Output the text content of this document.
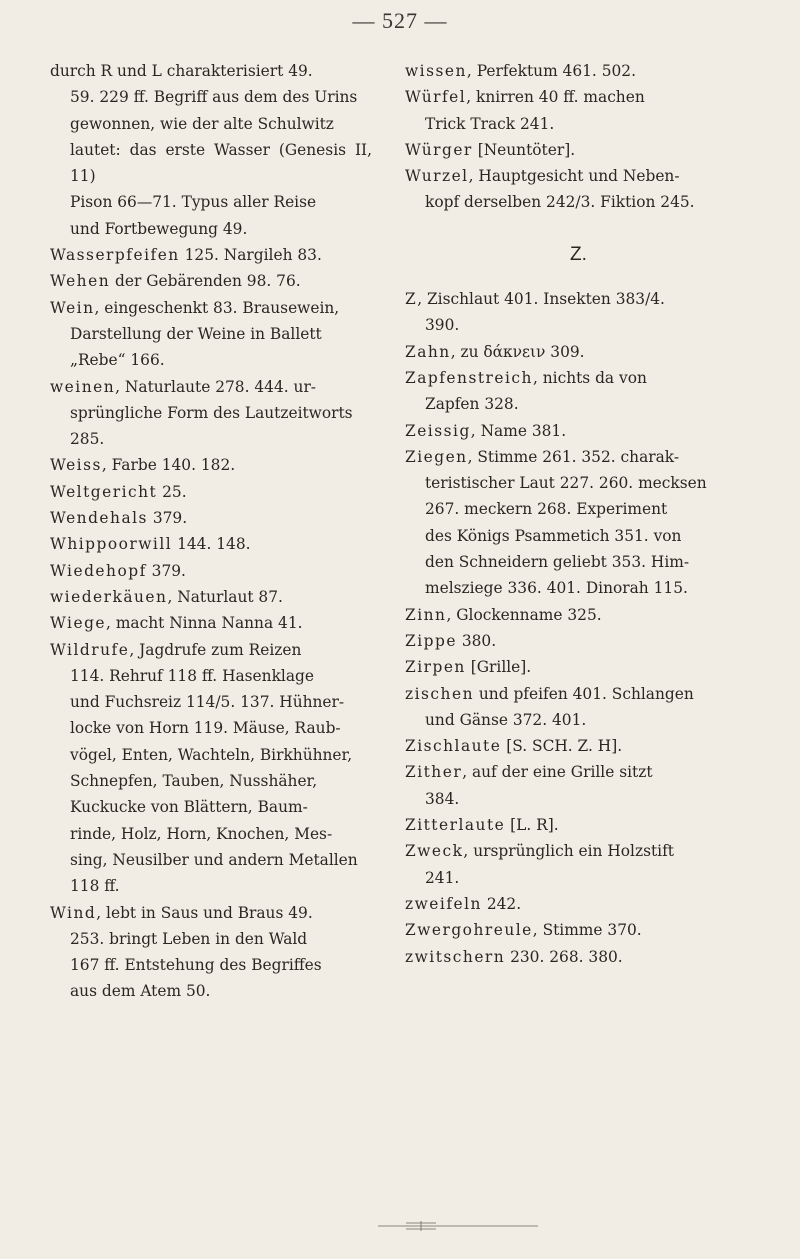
— 527 —
durch R und L charakterisiert 49.
59. 229 ff. Begriff aus dem des Urins
gewonnen, wie der alte Schulwitz
lautet: das erste Wasser (Genesis II, 11)
Pison 66—71. Typus aller Reise
und Fortbewegung 49.
Wasserpfeifen 125. Nargileh 83.
Wehen der Gebärenden 98. 76.
Wein, eingeschenkt 83. Brausewein,
Darstellung der Weine in Ballett
„Rebe“ 166.
weinen, Naturlaute 278. 444. ur-
sprüngliche Form des Lautzeitworts
285.
Weiss, Farbe 140. 182.
Weltgericht 25.
Wendehals 379.
Whippoorwill 144. 148.
Wiedehopf 379.
wiederkäuen, Naturlaut 87.
Wiege, macht Ninna Nanna 41.
Wildrufe, Jagdrufe zum Reizen
114. Rehruf 118 ff. Hasenklage
und Fuchsreiz 114/5. 137. Hühner-
locke von Horn 119. Mäuse, Raub-
vögel, Enten, Wachteln, Birkhühner,
Schnepfen, Tauben, Nusshäher,
Kuckucke von Blättern, Baum-
rinde, Holz, Horn, Knochen, Mes-
sing, Neusilber und andern Metallen
118 ff.
Wind, lebt in Saus und Braus 49.
253. bringt Leben in den Wald
167 ff. Entstehung des Begriffes
aus dem Atem 50.
wissen, Perfektum 461. 502.
Würfel, knirren 40 ff. machen
Trick Track 241.
Würger [Neuntöter].
Wurzel, Hauptgesicht und Neben-
kopf derselben 242/3. Fiktion 245.
Z.
Z, Zischlaut 401. Insekten 383/4.
390.
Zahn, zu δάκνειν 309.
Zapfenstreich, nichts da von
Zapfen 328.
Zeissig, Name 381.
Ziegen, Stimme 261. 352. charak-
teristischer Laut 227. 260. mecksen
267. meckern 268. Experiment
des Königs Psammetich 351. von
den Schneidern geliebt 353. Him-
melsziege 336. 401. Dinorah 115.
Zinn, Glockenname 325.
Zippe 380.
Zirpen [Grille].
zischen und pfeifen 401. Schlangen
und Gänse 372. 401.
Zischlaute [S. SCH. Z. H].
Zither, auf der eine Grille sitzt
384.
Zitterlaute [L. R].
Zweck, ursprünglich ein Holzstift
241.
zweifeln 242.
Zwergohreule, Stimme 370.
zwitschern 230. 268. 380.
